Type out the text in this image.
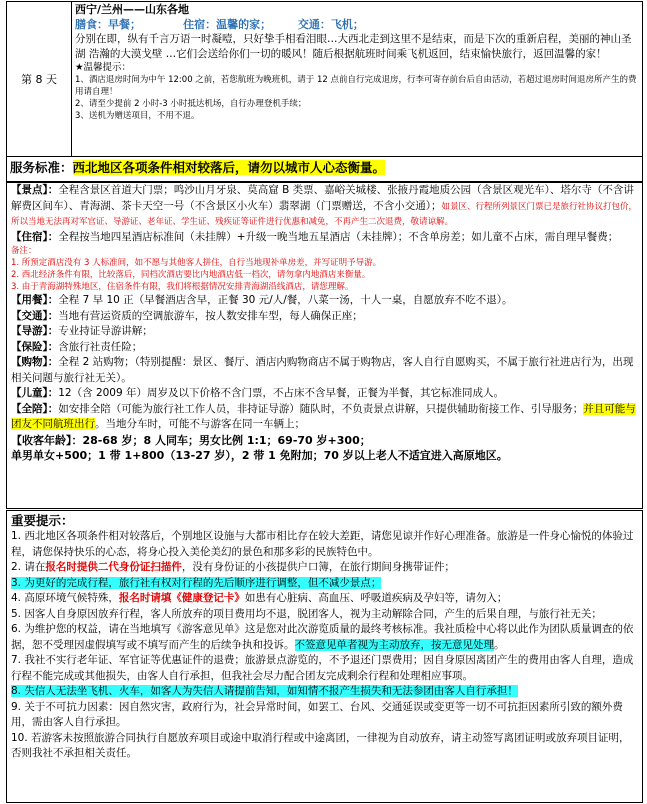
第 8 天
西宁/兰州——山东各地
膳食：早餐；           住宿：温馨的家；       交通：飞机；

分别在即，纵有千言万语一时凝噎，只好挚手相看泪眼…大西北走到这里不是结束，而是下次的重新启程，美丽的神山圣湖 浩瀚的大漠戈壁 …它们会送给你们一切的暖风！随后根据航班时间乘飞机返回，结束愉快旅行，返回温馨的家！

★温馨提示：

1、酒店退房时间为中午 12:00 之前，若您航班为晚班机，请于 12 点前自行完成退房，行李可寄存前台后自由活动，若超过退房时间退房所产生的费用请自理！

2、请至少提前 2 小时-3 小时抵达机场，自行办理登机手续；

3、送机为赠送项目，不用不退。

服务标准：西北地区各项条件相对较落后，请勿以城市人心态衡量。

【景点】：全程含景区首道大门票；鸣沙山月牙泉、莫高窟 B 类票、嘉峪关城楼、张掖丹霞地质公园（含景区观光车）、塔尔寺（不含讲解费区间车）、青海湖、茶卡天空一号（不含景区小火车）翡翠湖（门票赠送，不含小交通）；如景区、行程所列景区门票已是旅行社协议打包价，所以当地无法再对军官证、导游证、老年证、学生证、残疾证等证件进行优惠和减免，不再产生二次退费，敬请谅解。

【住宿】：全程按当地四星酒店标准间（未挂牌）+升级一晚当地五星酒店（未挂牌）；不含单房差；如儿童不占床，需自理早餐费；

备注：

1. 所预定酒店没有 3 人标准间，如不愿与其他客人拼住，自行当地现补单房差，并写证明予导游。

2. 西北经济条件有限，比较落后，同档次酒店要比内地酒店低一档次，请勿拿内地酒店来衡量。

3. 由于青海湖特殊地区，住宿条件有限，我们将根据情况安排青海湖沿线酒店，请您理解。

【用餐】：全程 7 早 10 正（早餐酒店含早，正餐 30 元/人/餐，八菜一汤，十人一桌，自愿放弃不吃不退）。

【交通】：当地有营运资质的空调旅游车，按人数安排车型，每人确保正座；

【导游】：专业持证导游讲解；

【保险】：含旅行社责任险；

【购物】：全程 2 站购物；（特别提醒：景区、餐厅、酒店内购物商店不属于购物店，客人自行自愿购买，不属于旅行社进店行为，出现相关问题与旅行社无关）。

【儿童】：12（含 2009 年）周岁及以下价格不含门票，不占床不含早餐，正餐为半餐，其它标准同成人。

【全陪】：如安排全陪（可能为旅行社工作人员，非持证导游）随队时，不负责景点讲解，只提供辅助衔接工作、引导服务；并且可能与团友不同航班出行。当地分车时，可能不与游客在同一车辆上；

【收客年龄】：28-68 岁；8 人同车；男女比例 1:1；69-70 岁+300；
单男单女+500；1 带 1+800（13-27 岁），2 带 1 免附加；70 岁以上老人不适宜进入高原地区。
重要提示：

1. 西北地区各项条件相对较落后，个别地区设施与大都市相比存在较大差距，请您见谅并作好心理准备。旅游是一件身心愉悦的体验过程，请您保持快乐的心态，将身心投入美伦美幻的景色和那多彩的民族特色中。

2. 请在报名时提供二代身份证扫描件，没有身份证的小孩提供户口簿，在旅行期间身携带证件；

3. 为更好的完成行程，旅行社有权对行程的先后顺序进行调整，但不减少景点；

4. 高原环境气候特殊，报名时请填《健康登记卡》如患有心脏病、高血压、呼吸道疾病及孕妇等，请勿入；

5. 因客人自身原因放弃行程，客人所放弃的项目费用均不退，脱团客人，视为主动解除合同，产生的后果自理，与旅行社无关；

6. 为维护您的权益，请在当地填写《游客意见单》这是您对此次游览质量的最终考核标准。我社质检中心将以此作为团队质量调查的依据，恕不受理因虚假填写或不填写而产生的后续争执和投诉。不签意见单者视为主动放弃，按无意见处理。

7. 我社不实行老年证、军官证等优惠证件的退费；旅游景点游览的，不予退还门票费用；因自身原因离团产生的费用由客人自理，造成行程不能完成或其他损失，由客人自行承担，但我社会尽力配合团友完成剩余行程和处理相应事项。

8. 失信人无法坐飞机、火车，如客人为失信人请提前告知，如知情不报产生损失和无法参团由客人自行承担！

9. 关于不可抗力因素：因自然灾害，政府行为，社会异常时间，如罢工、台风、交通延误或变更等一切不可抗拒因素所引致的额外费用，需由客人自行承担。

10. 若游客未按照旅游合同执行自愿放弃项目或途中取消行程或中途离团，一律视为自动放弃，请主动签写离团证明或放弃项目证明，否则我社不承担相关责任。
